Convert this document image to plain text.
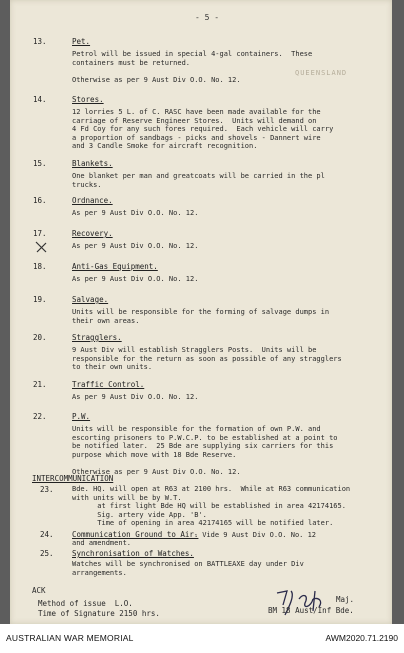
- 5 -
QUEENSLAND
13.	Pet.
Petrol will be issued in special 4-gal containers.  These
containers must be returned.
Otherwise as per 9 Aust Div O.O. No. 12.
14.	Stores.
12 lorries 5 L. of C. RASC have been made available for the
carriage of Reserve Engineer Stores.  Units will demand on
4 Fd Coy for any such fores required.  Each vehicle will carry
a proportion of sandbags - picks and shovels - Dannert wire
and 3 Candle Smoke for aircraft recognition.
15.	Blankets.
One blanket per man and greatcoats will be carried in the pl
trucks.
16.	Ordnance.
As per 9 Aust Div O.O. No. 12.
17.	Recovery.
As per 9 Aust Div O.O. No. 12.
18.	Anti-Gas Equipment.
As per 9 Aust Div O.O. No. 12.
19.	Salvage.
Units will be responsible for the forming of salvage dumps in
their own areas.
20.	Stragglers.
9 Aust Div will establish Stragglers Posts.  Units will be
responsible for the return as soon as possible of any stragglers
to their own units.
21.	Traffic Control.
As per 9 Aust Div O.O. No. 12.
22.	P.W.
Units will be responsible for the formation of own P.W. and
escorting prisoners to P.W.C.P. to be established at a point to
be notified later.  25 Bde are supplying six carriers for this
purpose which move with 18 Bde Reserve.
Otherwise as per 9 Aust Div O.O. No. 12.
INTERCOMMUNICATION
23.	Bde. HQ. will open at R63 at 2100 hrs.  While at R63 communication
with units will be by W.T.
at first light Bde HQ will be established in area 42174165.
Sig. artery vide App. 'B'.
Time of opening in area 42174165 will be notified later.
24. Communication Ground to Air.
- Vide 9 Aust Div O.O. No. 12
and amendment.
25. Synchronisation of Watches.
Watches will be synchronised on BATTLEAXE day under Div
arrangements.
ACK
Method of issue  L.O.
Time of Signature 2150 hrs.
Maj.
BM 18 Aust/Inf Bde.
AUSTRALIAN WAR MEMORIAL	AWM2020.71.2190
